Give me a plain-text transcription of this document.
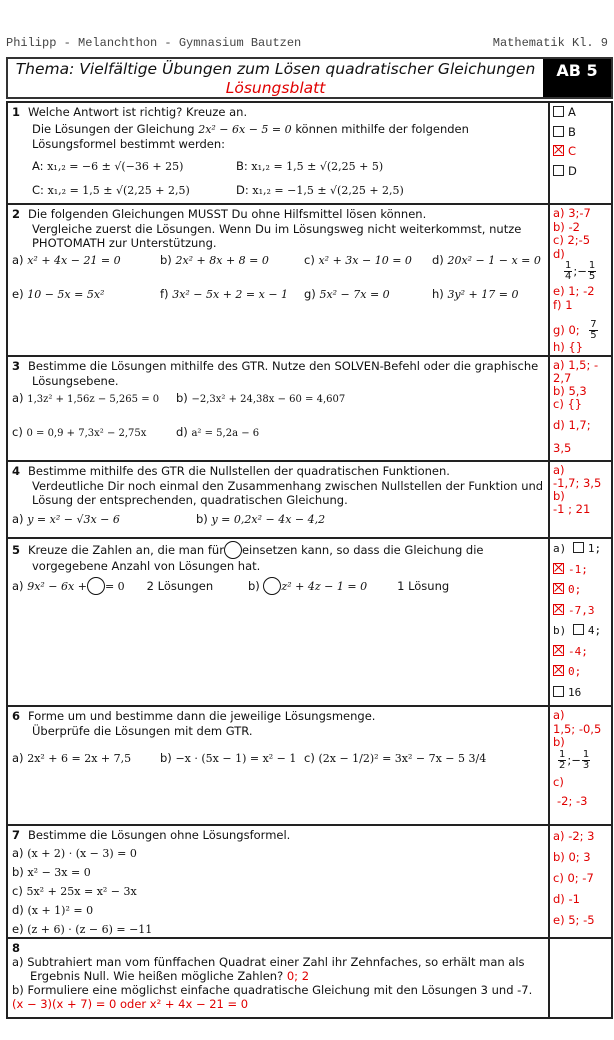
Philipp - Melanchthon - Gymnasium Bautzen	Mathematik Kl. 9
Thema: Vielfältige Übungen zum Lösen quadratischer Gleichungen
Lösungsblatt
AB 5
1 Welche Antwort ist richtig? Kreuze an.
Die Lösungen der Gleichung 2x² − 6x − 5 = 0 können mithilfe der folgenden
Lösungsformel bestimmt werden:
A: x₁,₂ = −6 ± √(−36 + 25)	B: x₁,₂ = 1,5 ± √(2,25 + 5)
C: x₁,₂ = 1,5 ± √(2,25 + 2,5)	D: x₁,₂ = −1,5 ± √(2,25 + 2,5)
A
B
C
D
2 Die folgenden Gleichungen MUSST Du ohne Hilfsmittel lösen können.
Vergleiche zuerst die Lösungen. Wenn Du im Lösungsweg nicht weiterkommst, nutze
PHOTOMATH zur Unterstützung.
a) x² + 4x − 21 = 0	b) 2x² + 8x + 8 = 0	c) x² + 3x − 10 = 0 d) 20x² − 1 − x = 0
e) 10 − 5x = 5x²	f) 3x² − 5x + 2 = x − 1 g) 5x² − 7x = 0	h) 3y² + 17 = 0
a) 3;-7
b) -2
c) 2;-5
d)
$\frac{1}{4}$ ;− $\frac{1}{5}$
e) 1; -2
f) 1
g) 0; $\frac{7}{5}$
h) {}
3 Bestimme die Lösungen mithilfe des GTR. Nutze den SOLVEN-Befehl oder die graphische
Lösungsebene.
a) 1,3z² + 1,56z − 5,265 = 0 b) −2,3x² + 24,38x − 60 = 4,607
c) 0 = 0,9 + 7,3x² − 2,75x	d) a² = 5,2a − 6
a) 1,5; -
2,7
b) 5,3
c) {}
d) 1,7;
3,5
4 Bestimme mithilfe des GTR die Nullstellen der quadratischen Funktionen.
Verdeutliche Dir noch einmal den Zusammenhang zwischen Nullstellen der Funktion und
Lösung der entsprechenden, quadratischen Gleichung.
a) y = x² − √3x − 6	b) y = 0,2x² − 4x − 4,2
a)
-1,7; 3,5
b)
-1 ; 21
5 Kreuze die Zahlen an, die man für einsetzen kann, so dass die Gleichung die
vorgegebene Anzahl von Lösungen hat.
a) 9x² − 6x + = 0 2 Lösungen	b) z² + 4z − 1 = 0	1 Lösung
a) 1;
-1;
0;
-7,3
b) 4;
-4;
0;
16
6 Forme um und bestimme dann die jeweilige Lösungsmenge.
Überprüfe die Lösungen mit dem GTR.
a) 2x² + 6 = 2x + 7,5	b) −x · (5x − 1) = x² − 1 c) (2x − 1/2)² = 3x² − 7x − 5 3/4
a)
1,5; -0,5
b)
$\frac{1}{2}$ ;− $\frac{1}{3}$
c)
-2; -3
7 Bestimme die Lösungen ohne Lösungsformel.
a) (x + 2) · (x − 3) = 0
b) x² − 3x = 0
c) 5x² + 25x = x² − 3x
d) (x + 1)² = 0
e) (z + 6) · (z − 6) = −11
a) -2; 3
b) 0; 3
c) 0; -7
d) -1
e) 5; -5
8
a) Subtrahiert man vom fünffachen Quadrat einer Zahl ihr Zehnfaches, so erhält man als
Ergebnis Null. Wie heißen mögliche Zahlen? 0; 2
b) Formuliere eine möglichst einfache quadratische Gleichung mit den Lösungen 3 und -7.
(x − 3)(x + 7) = 0 oder x² + 4x − 21 = 0
